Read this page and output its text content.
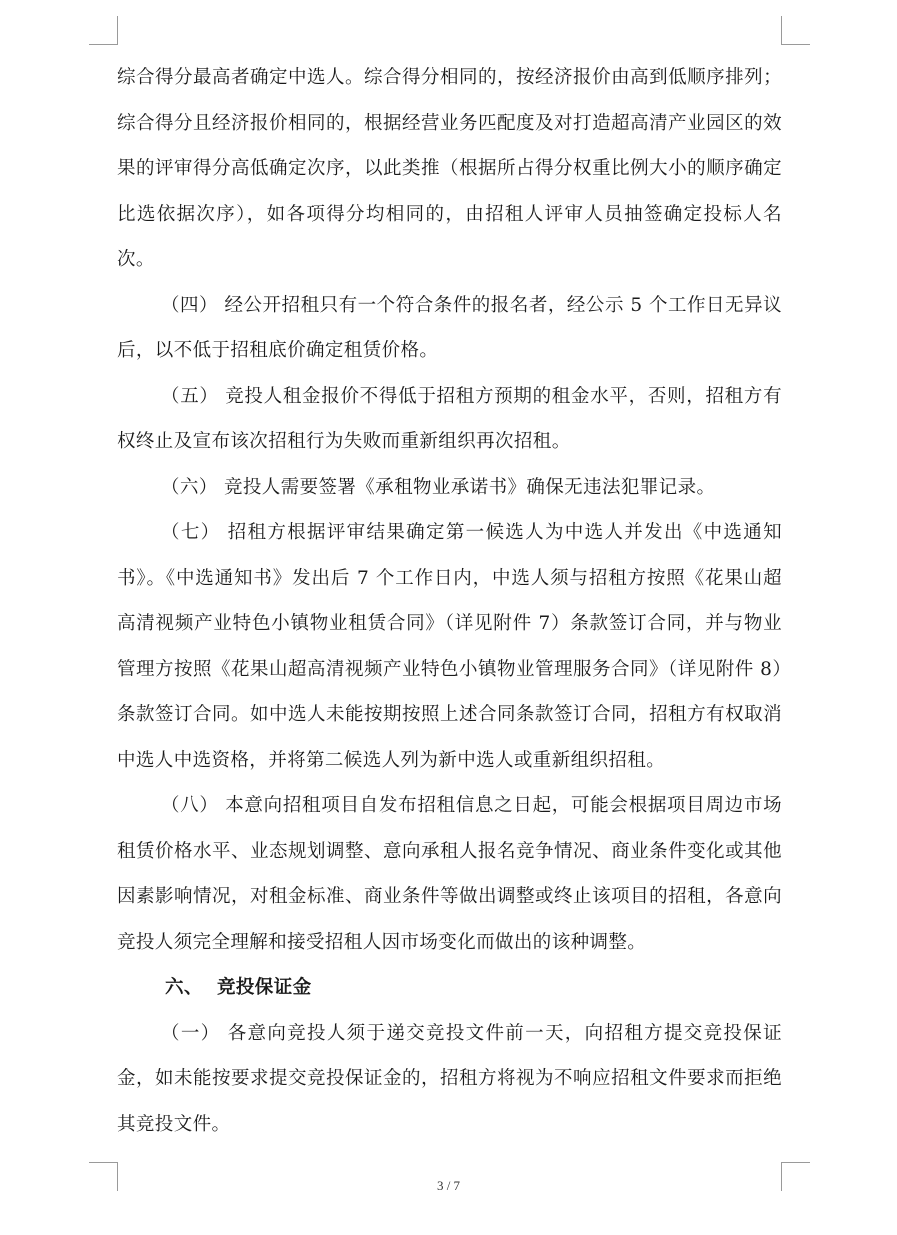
综合得分最高者确定中选人。综合得分相同的，按经济报价由高到低顺序排列；综合得分且经济报价相同的，根据经营业务匹配度及对打造超高清产业园区的效果的评审得分高低确定次序，以此类推（根据所占得分权重比例大小的顺序确定比选依据次序），如各项得分均相同的，由招租人评审人员抽签确定投标人名次。

（四） 经公开招租只有一个符合条件的报名者，经公示 5 个工作日无异议后，以不低于招租底价确定租赁价格。

（五） 竞投人租金报价不得低于招租方预期的租金水平，否则，招租方有权终止及宣布该次招租行为失败而重新组织再次招租。

（六） 竞投人需要签署《承租物业承诺书》确保无违法犯罪记录。

（七） 招租方根据评审结果确定第一候选人为中选人并发出《中选通知书》。《中选通知书》发出后 7 个工作日内，中选人须与招租方按照《花果山超高清视频产业特色小镇物业租赁合同》（详见附件 7）条款签订合同，并与物业管理方按照《花果山超高清视频产业特色小镇物业管理服务合同》（详见附件 8）条款签订合同。如中选人未能按期按照上述合同条款签订合同，招租方有权取消中选人中选资格，并将第二候选人列为新中选人或重新组织招租。

（八） 本意向招租项目自发布招租信息之日起，可能会根据项目周边市场租赁价格水平、业态规划调整、意向承租人报名竞争情况、商业条件变化或其他因素影响情况，对租金标准、商业条件等做出调整或终止该项目的招租，各意向竞投人须完全理解和接受招租人因市场变化而做出的该种调整。

六、 竞投保证金

（一） 各意向竞投人须于递交竞投文件前一天，向招租方提交竞投保证金，如未能按要求提交竞投保证金的，招租方将视为不响应招租文件要求而拒绝其竞投文件。

3 / 7
